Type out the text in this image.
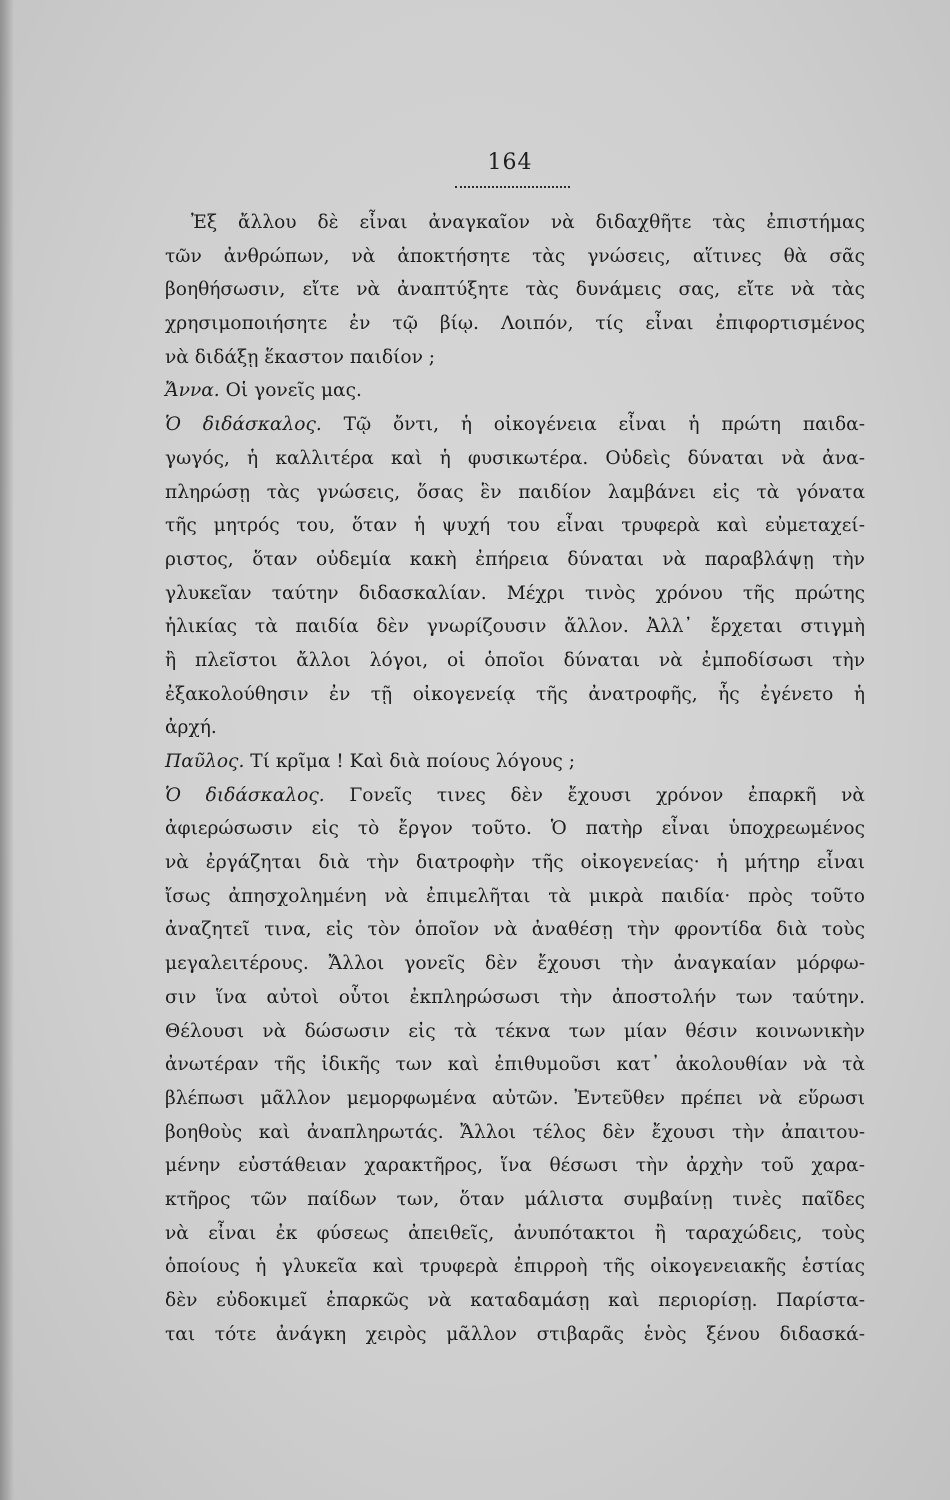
164
Ἐξ ἄλλου δὲ εἶναι ἀναγκαῖον νὰ διδαχθῆτε τὰς ἐπιστήμας
τῶν ἀνθρώπων, νὰ ἀποκτήσητε τὰς γνώσεις, αἵτινες θὰ σᾶς
βοηθήσωσιν, εἴτε νὰ ἀναπτύξητε τὰς δυνάμεις σας, εἴτε νὰ τὰς
χρησιμοποιήσητε ἐν τῷ βίῳ. Λοιπόν, τίς εἶναι ἐπιφορτισμένος
νὰ διδάξῃ ἕκαστον παιδίον ;
Ἄννα. Οἱ γονεῖς μας.
Ὁ διδάσκαλος. Τῷ ὄντι, ἡ οἰκογένεια εἶναι ἡ πρώτη παιδα-
γωγός, ἡ καλλιτέρα καὶ ἡ φυσικωτέρα. Οὐδεὶς δύναται νὰ ἀνα-
πληρώσῃ τὰς γνώσεις, ὅσας ἓν παιδίον λαμβάνει εἰς τὰ γόνατα
τῆς μητρός του, ὅταν ἡ ψυχή του εἶναι τρυφερὰ καὶ εὐμεταχεί-
ριστος, ὅταν οὐδεμία κακὴ ἐπήρεια δύναται νὰ παραβλάψῃ τὴν
γλυκεῖαν ταύτην διδασκαλίαν. Μέχρι τινὸς χρόνου τῆς πρώτης
ἡλικίας τὰ παιδία δὲν γνωρίζουσιν ἄλλον. Ἀλλ᾽ ἔρχεται στιγμὴ
ἢ πλεῖστοι ἄλλοι λόγοι, οἱ ὁποῖοι δύναται νὰ ἐμποδίσωσι τὴν
ἐξακολούθησιν ἐν τῇ οἰκογενείᾳ τῆς ἀνατροφῆς, ἧς ἐγένετο ἡ
ἀρχή.
Παῦλος. Τί κρῖμα ! Καὶ διὰ ποίους λόγους ;
Ὁ διδάσκαλος. Γονεῖς τινες δὲν ἔχουσι χρόνον ἐπαρκῆ νὰ
ἀφιερώσωσιν εἰς τὸ ἔργον τοῦτο. Ὁ πατὴρ εἶναι ὑποχρεωμένος
νὰ ἐργάζηται διὰ τὴν διατροφὴν τῆς οἰκογενείας· ἡ μήτηρ εἶναι
ἴσως ἀπησχολημένη νὰ ἐπιμελῆται τὰ μικρὰ παιδία· πρὸς τοῦτο
ἀναζητεῖ τινα, εἰς τὸν ὁποῖον νὰ ἀναθέσῃ τὴν φροντίδα διὰ τοὺς
μεγαλειτέρους. Ἄλλοι γονεῖς δὲν ἔχουσι τὴν ἀναγκαίαν μόρφω-
σιν ἵνα αὐτοὶ οὗτοι ἐκπληρώσωσι τὴν ἀποστολήν των ταύτην.
Θέλουσι νὰ δώσωσιν εἰς τὰ τέκνα των μίαν θέσιν κοινωνικὴν
ἀνωτέραν τῆς ἰδικῆς των καὶ ἐπιθυμοῦσι κατ᾽ ἀκολουθίαν νὰ τὰ
βλέπωσι μᾶλλον μεμορφωμένα αὐτῶν. Ἐντεῦθεν πρέπει νὰ εὕρωσι
βοηθοὺς καὶ ἀναπληρωτάς. Ἄλλοι τέλος δὲν ἔχουσι τὴν ἀπαιτου-
μένην εὐστάθειαν χαρακτῆρος, ἵνα θέσωσι τὴν ἀρχὴν τοῦ χαρα-
κτῆρος τῶν παίδων των, ὅταν μάλιστα συμβαίνῃ τινὲς παῖδες
νὰ εἶναι ἐκ φύσεως ἀπειθεῖς, ἀνυπότακτοι ἢ ταραχώδεις, τοὺς
ὁποίους ἡ γλυκεῖα καὶ τρυφερὰ ἐπιρροὴ τῆς οἰκογενειακῆς ἑστίας
δὲν εὐδοκιμεῖ ἐπαρκῶς νὰ καταδαμάσῃ καὶ περιορίσῃ. Παρίστα-
ται τότε ἀνάγκη χειρὸς μᾶλλον στιβαρᾶς ἑνὸς ξένου διδασκά-
